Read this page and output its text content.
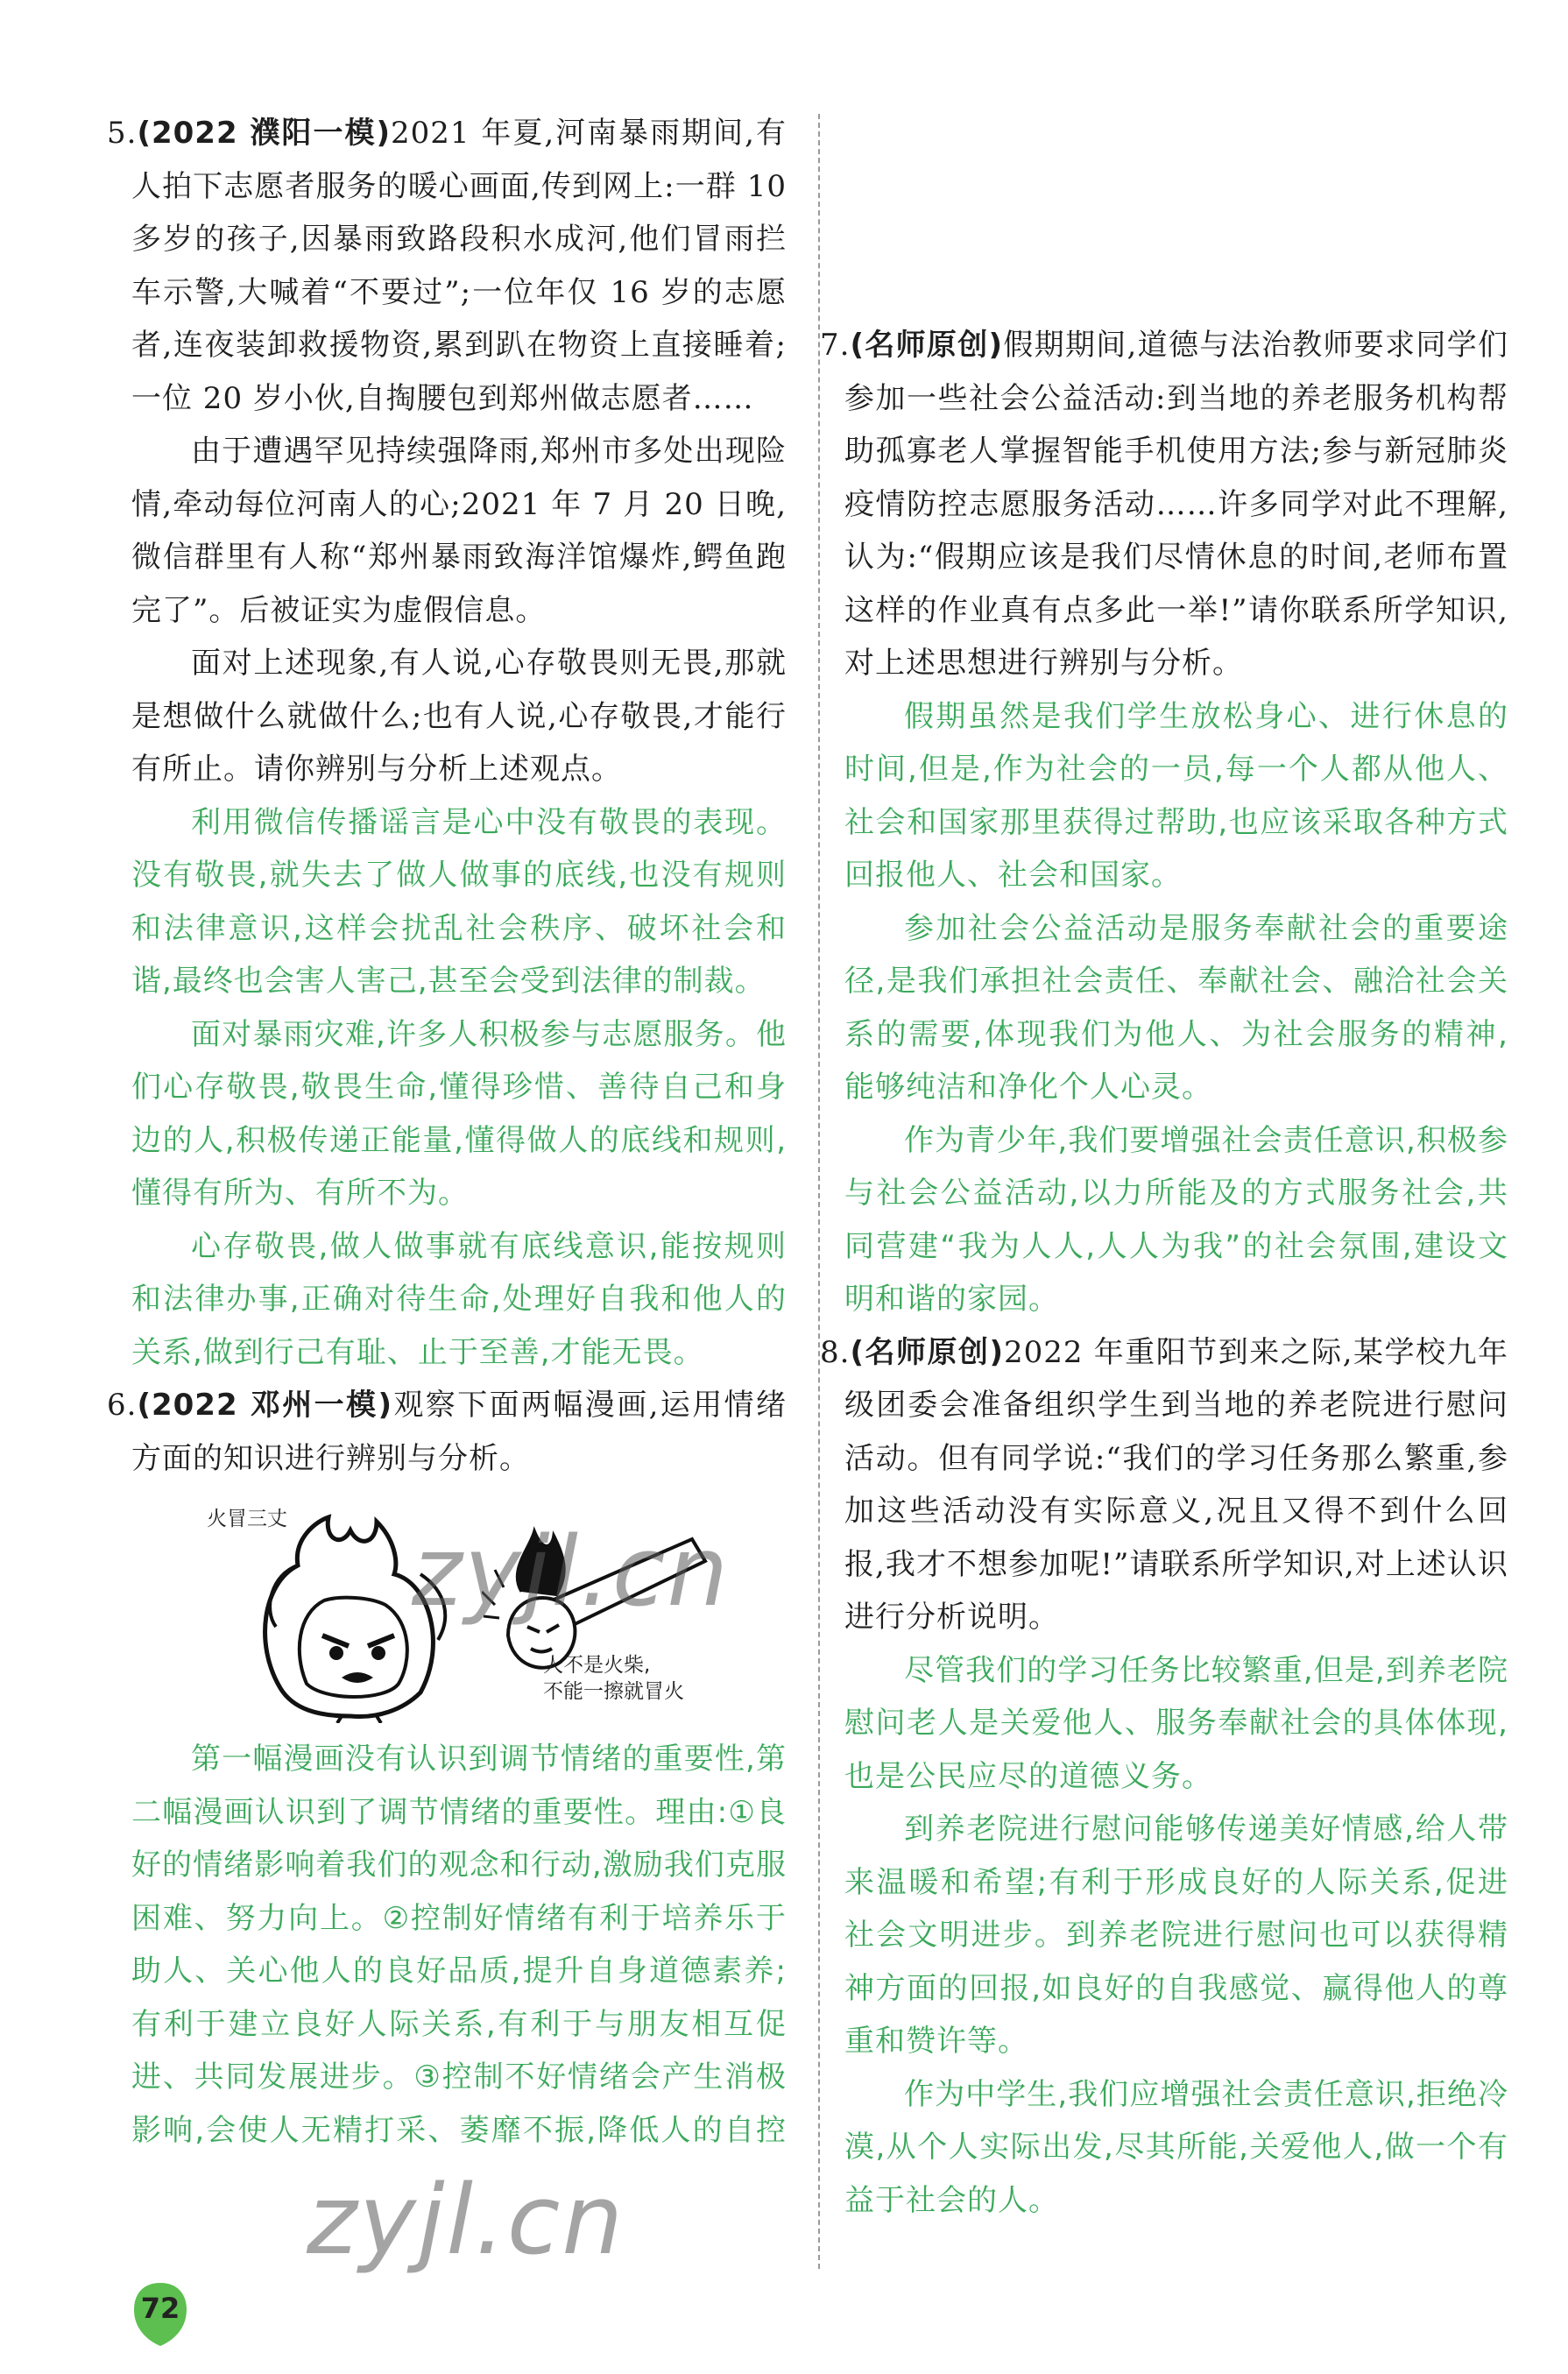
5.(2022 濮阳一模)2021 年夏,河南暴雨期间,有人拍下志愿者服务的暖心画面,传到网上:一群 10 多岁的孩子,因暴雨致路段积水成河,他们冒雨拦车示警,大喊着“不要过”;一位年仅 16 岁的志愿者,连夜装卸救援物资,累到趴在物资上直接睡着;一位 20 岁小伙,自掏腰包到郑州做志愿者……

由于遭遇罕见持续强降雨,郑州市多处出现险情,牵动每位河南人的心;2021 年 7 月 20 日晚,微信群里有人称“郑州暴雨致海洋馆爆炸,鳄鱼跑完了”。后被证实为虚假信息。

面对上述现象,有人说,心存敬畏则无畏,那就是想做什么就做什么;也有人说,心存敬畏,才能行有所止。请你辨别与分析上述观点。

利用微信传播谣言是心中没有敬畏的表现。没有敬畏,就失去了做人做事的底线,也没有规则和法律意识,这样会扰乱社会秩序、破坏社会和谐,最终也会害人害己,甚至会受到法律的制裁。

面对暴雨灾难,许多人积极参与志愿服务。他们心存敬畏,敬畏生命,懂得珍惜、善待自己和身边的人,积极传递正能量,懂得做人的底线和规则,懂得有所为、有所不为。

心存敬畏,做人做事就有底线意识,能按规则和法律办事,正确对待生命,处理好自我和他人的关系,做到行己有耻、止于至善,才能无畏。

6.(2022 邓州一模)观察下面两幅漫画,运用情绪方面的知识进行辨别与分析。

火冒三丈
人不是火柴,
不能一擦就冒火

第一幅漫画没有认识到调节情绪的重要性,第二幅漫画认识到了调节情绪的重要性。理由:①良好的情绪影响着我们的观念和行动,激励我们克服困难、努力向上。②控制好情绪有利于培养乐于助人、关心他人的良好品质,提升自身道德素养;有利于建立良好人际关系,有利于与朋友相互促进、共同发展进步。③控制不好情绪会产生消极影响,会使人无精打采、萎靡不振,降低人的自控

7.(名师原创)假期期间,道德与法治教师要求同学们参加一些社会公益活动:到当地的养老服务机构帮助孤寡老人掌握智能手机使用方法;参与新冠肺炎疫情防控志愿服务活动……许多同学对此不理解,认为:“假期应该是我们尽情休息的时间,老师布置这样的作业真有点多此一举!”请你联系所学知识,对上述思想进行辨别与分析。

假期虽然是我们学生放松身心、进行休息的时间,但是,作为社会的一员,每一个人都从他人、社会和国家那里获得过帮助,也应该采取各种方式回报他人、社会和国家。

参加社会公益活动是服务奉献社会的重要途径,是我们承担社会责任、奉献社会、融洽社会关系的需要,体现我们为他人、为社会服务的精神,能够纯洁和净化个人心灵。

作为青少年,我们要增强社会责任意识,积极参与社会公益活动,以力所能及的方式服务社会,共同营建“我为人人,人人为我”的社会氛围,建设文明和谐的家园。

8.(名师原创)2022 年重阳节到来之际,某学校九年级团委会准备组织学生到当地的养老院进行慰问活动。但有同学说:“我们的学习任务那么繁重,参加这些活动没有实际意义,况且又得不到什么回报,我才不想参加呢!”请联系所学知识,对上述认识进行分析说明。

尽管我们的学习任务比较繁重,但是,到养老院慰问老人是关爱他人、服务奉献社会的具体体现,也是公民应尽的道德义务。

到养老院进行慰问能够传递美好情感,给人带来温暖和希望;有利于形成良好的人际关系,促进社会文明进步。到养老院进行慰问也可以获得精神方面的回报,如良好的自我感觉、赢得他人的尊重和赞许等。

作为中学生,我们应增强社会责任意识,拒绝冷漠,从个人实际出发,尽其所能,关爱他人,做一个有益于社会的人。

zyjl.cn
zyjl.cn
72
